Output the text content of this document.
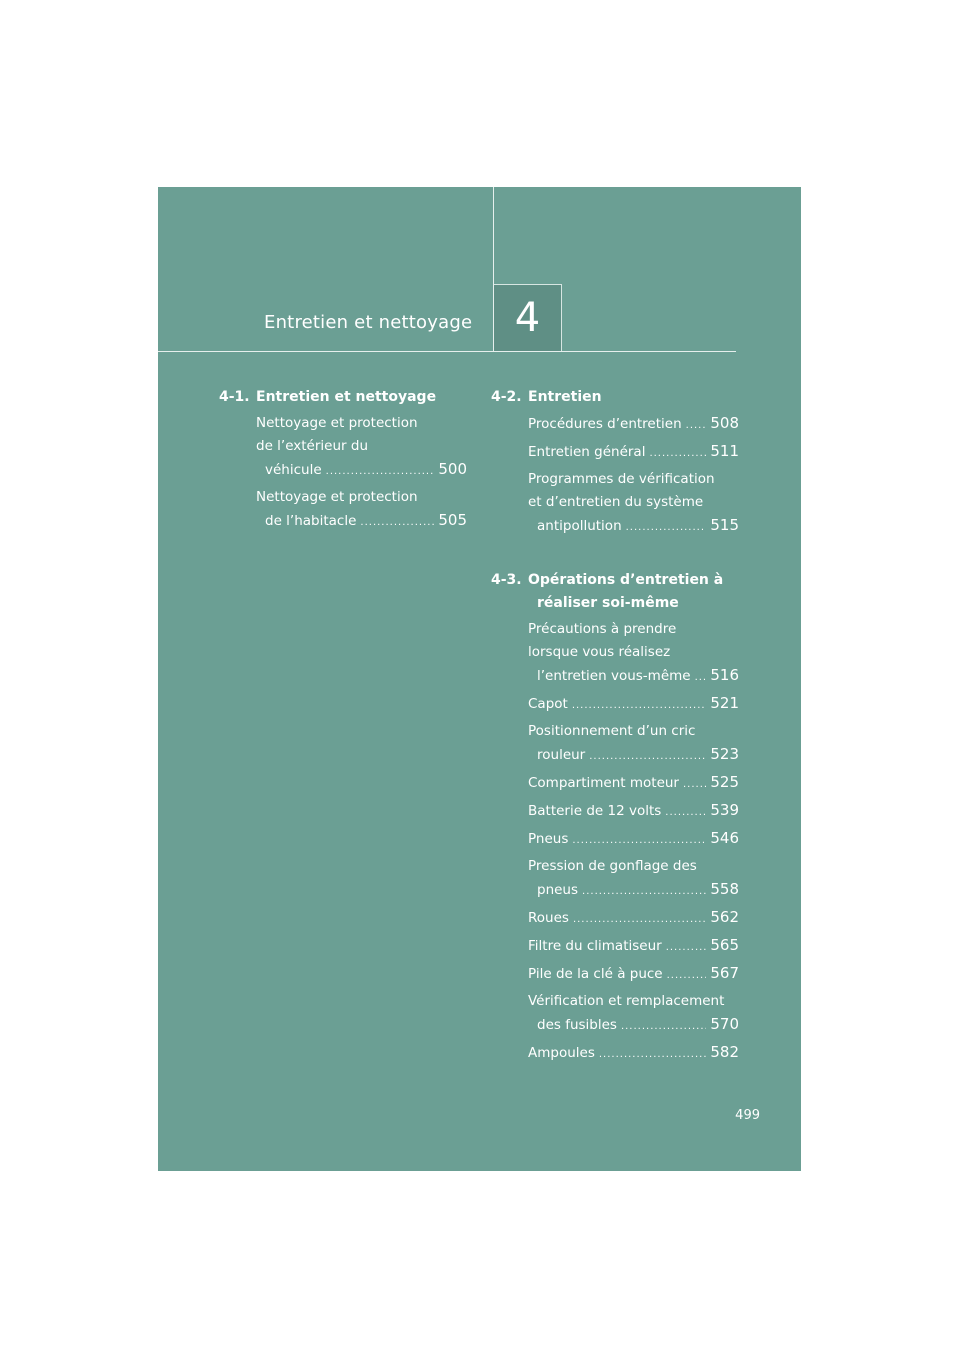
4
Entretien et nettoyage
4-1. Entretien et nettoyage
Nettoyage et protection
de l’extérieur du
véhicule .....	500
Nettoyage et protection
de l’habitacle .....	505
4-2. Entretien
Procédures d’entretien ..... 508
Entretien général .....	511
Programmes de vérification
et d’entretien du système
antipollution .....	515
4-3. Opérations d’entretien à réaliser soi-même
Précautions à prendre
lorsque vous réalisez
l’entretien vous-même ..... 516
Capot .....	521
Positionnement d’un cric
rouleur .....	523
Compartiment moteur ..... 525
Batterie de 12 volts .....	539
Pneus .....	546
Pression de gonflage des
pneus .....	558
Roues .....	562
Filtre du climatiseur .....	565
Pile de la clé à puce .....	567
Vérification et remplacement
des fusibles .....	570
Ampoules .....	582
499
